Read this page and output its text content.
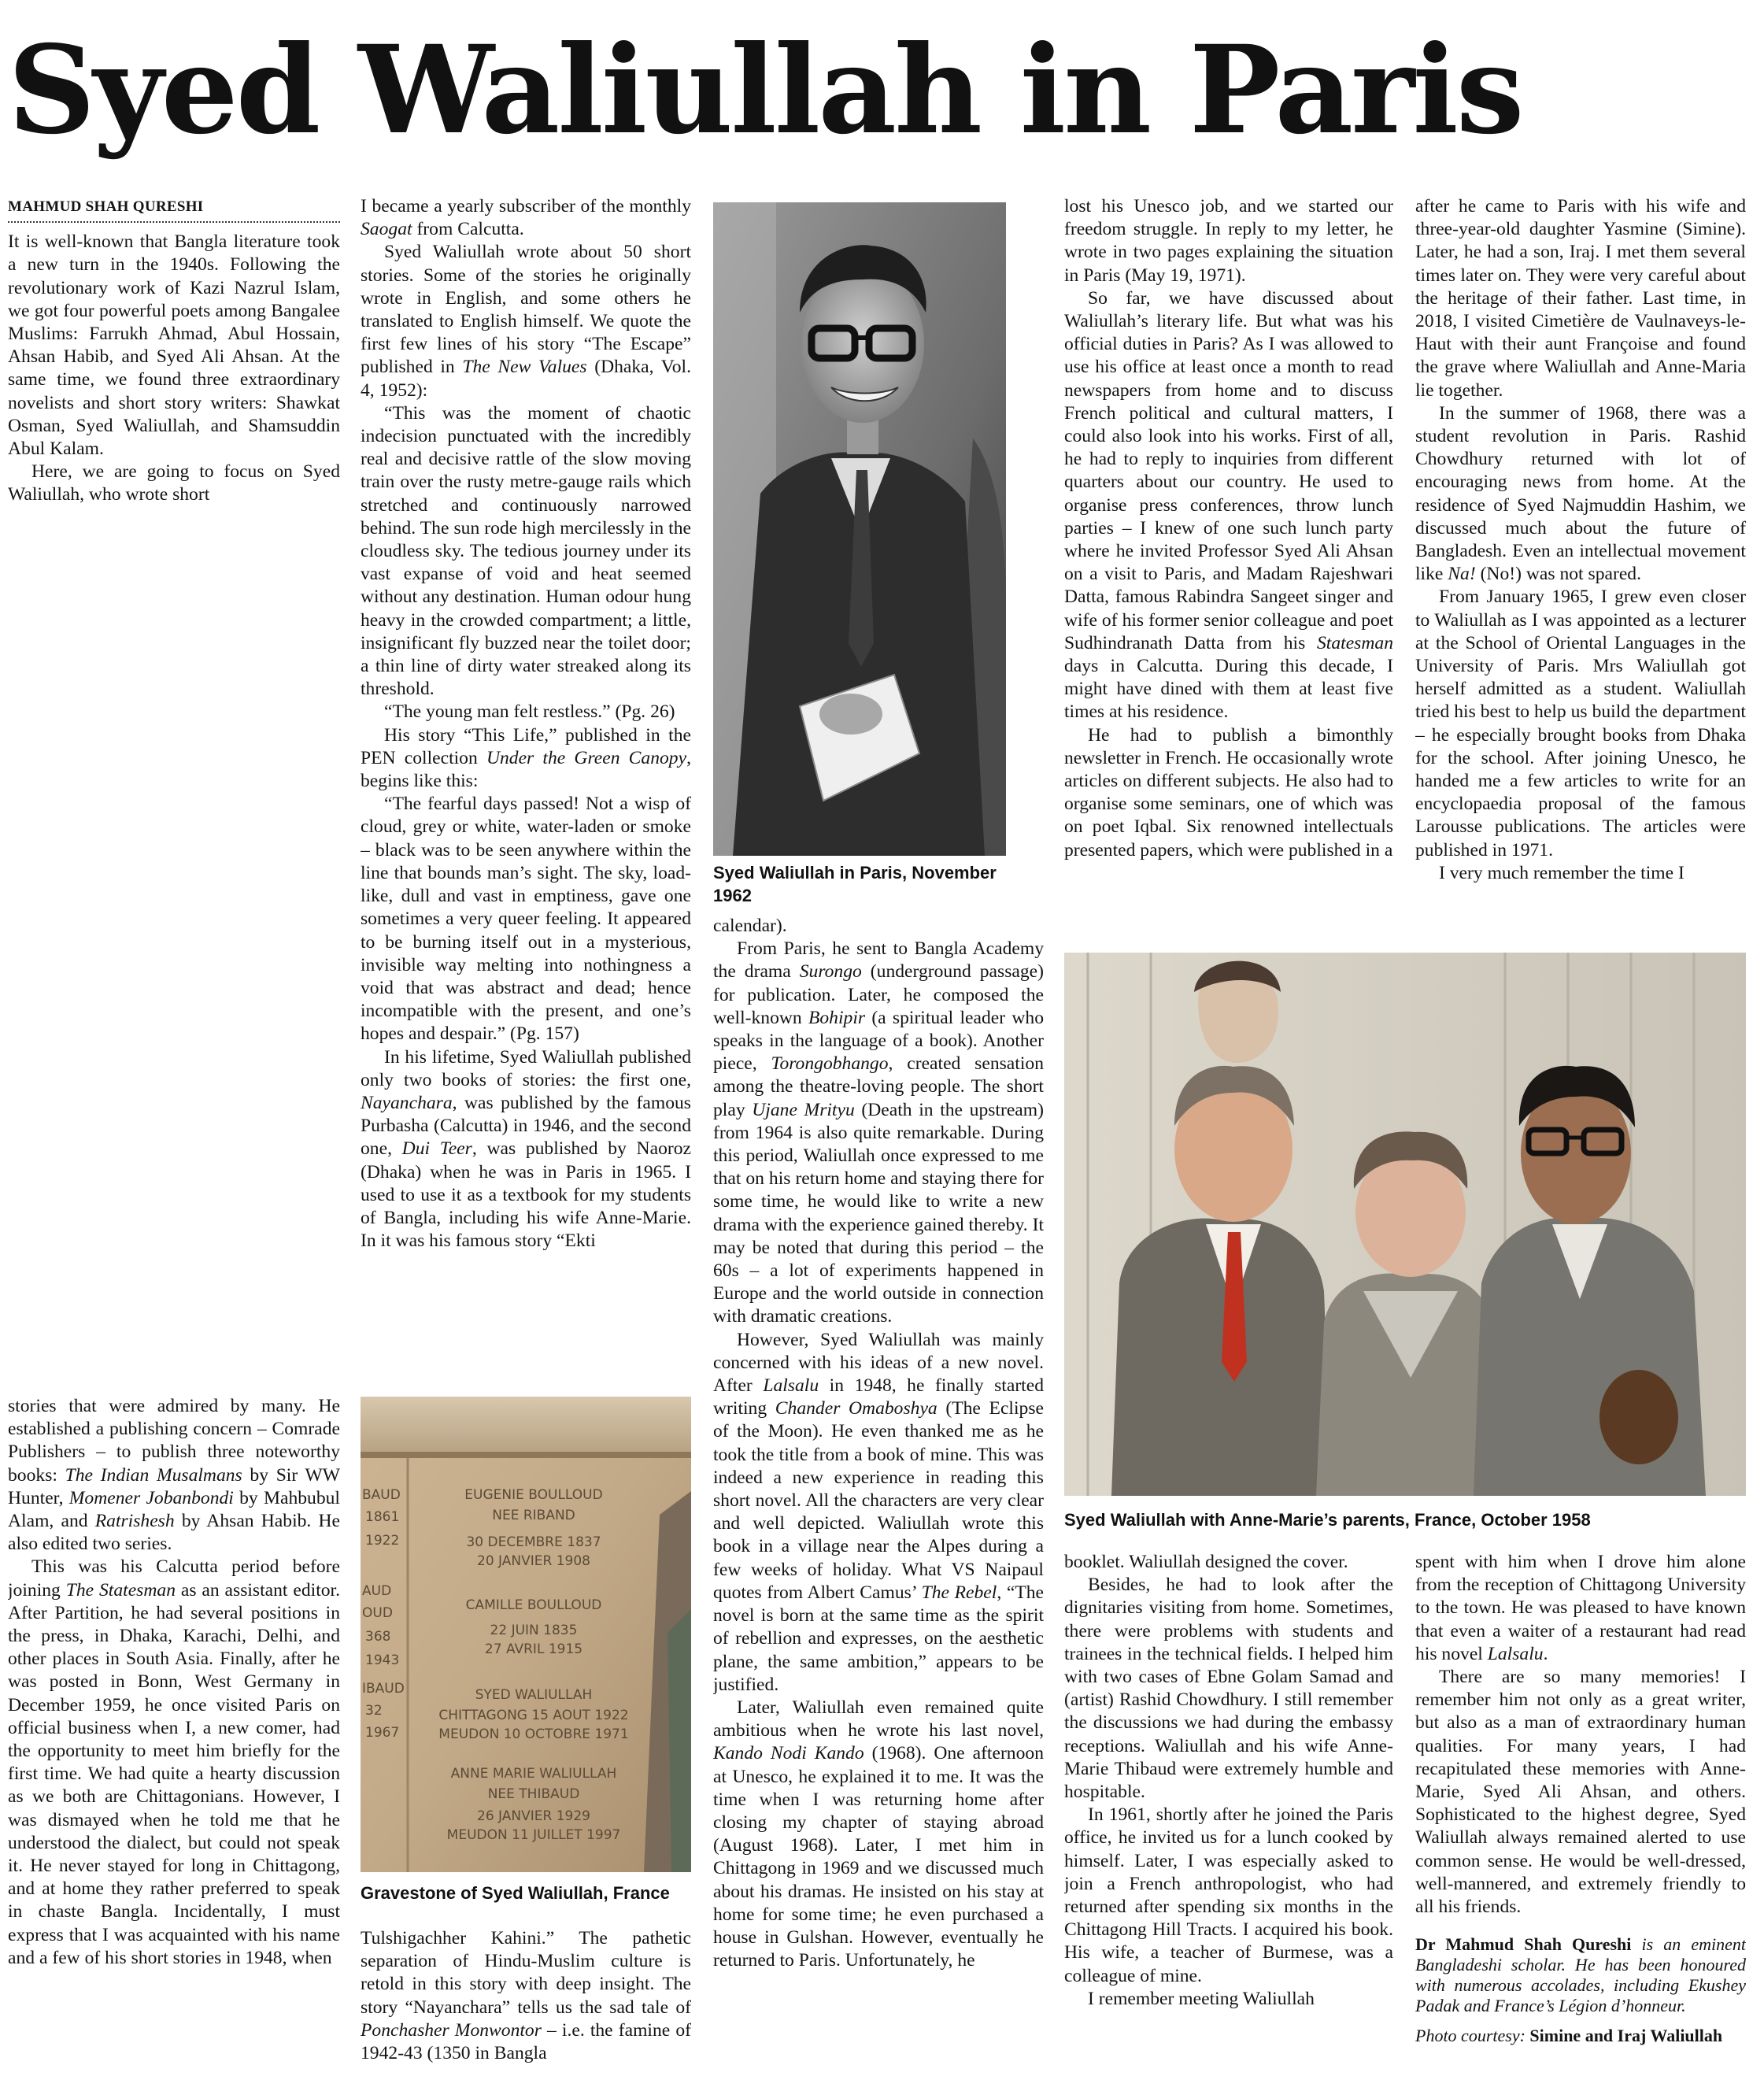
Syed Waliullah in Paris
MAHMUD SHAH QURESHI

It is well-known that Bangla literature took a new turn in the 1940s. Following the revolutionary work of Kazi Nazrul Islam, we got four powerful poets among Bangalee Muslims: Farrukh Ahmad, Abul Hossain, Ahsan Habib, and Syed Ali Ahsan. At the same time, we found three extraordinary novelists and short story writers: Shawkat Osman, Syed Waliullah, and Shamsuddin Abul Kalam.

Here, we are going to focus on Syed Waliullah, who wrote short

stories that were admired by many. He established a publishing concern – Comrade Publishers – to publish three noteworthy books: The Indian Musalmans by Sir WW Hunter, Momener Jobanbondi by Mahbubul Alam, and Ratrishesh by Ahsan Habib. He also edited two series.

This was his Calcutta period before joining The Statesman as an assistant editor. After Partition, he had several positions in the press, in Dhaka, Karachi, Delhi, and other places in South Asia. Finally, after he was posted in Bonn, West Germany in December 1959, he once visited Paris on official business when I, a new comer, had the opportunity to meet him briefly for the first time. We had quite a hearty discussion as we both are Chittagonians. However, I was dismayed when he told me that he understood the dialect, but could not speak it. He never stayed for long in Chittagong, and at home they rather preferred to speak in chaste Bangla. Incidentally, I must express that I was acquainted with his name and a few of his short stories in 1948, when

I became a yearly subscriber of the monthly Saogat from Calcutta.

Syed Waliullah wrote about 50 short stories. Some of the stories he originally wrote in English, and some others he translated to English himself. We quote the first few lines of his story “The Escape” published in The New Values (Dhaka, Vol. 4, 1952):

“This was the moment of chaotic indecision punctuated with the incredibly real and decisive rattle of the slow moving train over the rusty metre-gauge rails which stretched and continuously narrowed behind. The sun rode high mercilessly in the cloudless sky. The tedious journey under its vast expanse of void and heat seemed without any destination. Human odour hung heavy in the crowded compartment; a little, insignificant fly buzzed near the toilet door; a thin line of dirty water streaked along its threshold.

“The young man felt restless.” (Pg. 26)

His story “This Life,” published in the PEN collection Under the Green Canopy, begins like this:

“The fearful days passed! Not a wisp of cloud, grey or white, water-laden or smoke – black was to be seen anywhere within the line that bounds man’s sight. The sky, load-like, dull and vast in emptiness, gave one sometimes a very queer feeling. It appeared to be burning itself out in a mysterious, invisible way melting into nothingness a void that was abstract and dead; hence incompatible with the present, and one’s hopes and despair.” (Pg. 157)

In his lifetime, Syed Waliullah published only two books of stories: the first one, Nayanchara, was published by the famous Purbasha (Calcutta) in 1946, and the second one, Dui Teer, was published by Naoroz (Dhaka) when he was in Paris in 1965. I used to use it as a textbook for my students of Bangla, including his wife Anne-Marie. In it was his famous story “Ekti

EUGENIE BOULLOUD
NEE RIBAND
30 DECEMBRE 1837
20 JANVIER 1908
CAMILLE BOULLOUD
22 JUIN 1835
27 AVRIL 1915
SYED WALIULLAH
CHITTAGONG 15 AOUT 1922
MEUDON 10 OCTOBRE 1971
ANNE MARIE WALIULLAH
NEE THIBAUD
26 JANVIER 1929
MEUDON 11 JUILLET 1997
BAUD
1861
1922
AUD
OUD
368
1943
IBAUD
32
1967
Gravestone of Syed Waliullah, France

Tulshigachher Kahini.” The pathetic separation of Hindu-Muslim culture is retold in this story with deep insight. The story “Nayanchara” tells us the sad tale of Ponchasher Monwontor – i.e. the famine of 1942-43 (1350 in Bangla

Syed Waliullah in Paris, November 1962

calendar).

From Paris, he sent to Bangla Academy the drama Surongo (underground passage) for publication. Later, he composed the well-known Bohipir (a spiritual leader who speaks in the language of a book). Another piece, Torongobhango, created sensation among the theatre-loving people. The short play Ujane Mrityu (Death in the upstream) from 1964 is also quite remarkable. During this period, Waliullah once expressed to me that on his return home and staying there for some time, he would like to write a new drama with the experience gained thereby. It may be noted that during this period – the 60s – a lot of experiments happened in Europe and the world outside in connection with dramatic creations.

However, Syed Waliullah was mainly concerned with his ideas of a new novel. After Lalsalu in 1948, he finally started writing Chander Omaboshya (The Eclipse of the Moon). He even thanked me as he took the title from a book of mine. This was indeed a new experience in reading this short novel. All the characters are very clear and well depicted. Waliullah wrote this book in a village near the Alpes during a few weeks of holiday. What VS Naipaul quotes from Albert Camus’ The Rebel, “The novel is born at the same time as the spirit of rebellion and expresses, on the aesthetic plane, the same ambition,” appears to be justified.

Later, Waliullah even remained quite ambitious when he wrote his last novel, Kando Nodi Kando (1968). One afternoon at Unesco, he explained it to me. It was the time when I was returning home after closing my chapter of staying abroad (August 1968). Later, I met him in Chittagong in 1969 and we discussed much about his dramas. He insisted on his stay at home for some time; he even purchased a house in Gulshan. However, eventually he returned to Paris. Unfortunately, he

lost his Unesco job, and we started our freedom struggle. In reply to my letter, he wrote in two pages explaining the situation in Paris (May 19, 1971).

So far, we have discussed about Waliullah’s literary life. But what was his official duties in Paris? As I was allowed to use his office at least once a month to read newspapers from home and to discuss French political and cultural matters, I could also look into his works. First of all, he had to reply to inquiries from different quarters about our country. He used to organise press conferences, throw lunch parties – I knew of one such lunch party where he invited Professor Syed Ali Ahsan on a visit to Paris, and Madam Rajeshwari Datta, famous Rabindra Sangeet singer and wife of his former senior colleague and poet Sudhindranath Datta from his Statesman days in Calcutta. During this decade, I might have dined with them at least five times at his residence.

He had to publish a bimonthly newsletter in French. He occasionally wrote articles on different subjects. He also had to organise some seminars, one of which was on poet Iqbal. Six renowned intellectuals presented papers, which were published in a

after he came to Paris with his wife and three-year-old daughter Yasmine (Simine). Later, he had a son, Iraj. I met them several times later on. They were very careful about the heritage of their father. Last time, in 2018, I visited Cimetière de Vaulnaveys-le-Haut with their aunt Françoise and found the grave where Waliullah and Anne-Maria lie together.

In the summer of 1968, there was a student revolution in Paris. Rashid Chowdhury returned with lot of encouraging news from home. At the residence of Syed Najmuddin Hashim, we discussed much about the future of Bangladesh. Even an intellectual movement like Na! (No!) was not spared.

From January 1965, I grew even closer to Waliullah as I was appointed as a lecturer at the School of Oriental Languages in the University of Paris. Mrs Waliullah got herself admitted as a student. Waliullah tried his best to help us build the department – he especially brought books from Dhaka for the school. After joining Unesco, he handed me a few articles to write for an encyclopaedia proposal of the famous Larousse publications. The articles were published in 1971.

I very much remember the time I

Syed Waliullah with Anne-Marie’s parents, France, October 1958

booklet. Waliullah designed the cover.

Besides, he had to look after the dignitaries visiting from home. Sometimes, there were problems with students and trainees in the technical fields. I helped him with two cases of Ebne Golam Samad and (artist) Rashid Chowdhury. I still remember the discussions we had during the embassy receptions. Waliullah and his wife Anne-Marie Thibaud were extremely humble and hospitable.

In 1961, shortly after he joined the Paris office, he invited us for a lunch cooked by himself. Later, I was especially asked to join a French anthropologist, who had returned after spending six months in the Chittagong Hill Tracts. I acquired his book. His wife, a teacher of Burmese, was a colleague of mine.

I remember meeting Waliullah

spent with him when I drove him alone from the reception of Chittagong University to the town. He was pleased to have known that even a waiter of a restaurant had read his novel Lalsalu.

There are so many memories! I remember him not only as a great writer, but also as a man of extraordinary human qualities. For many years, I had recapitulated these memories with Anne-Marie, Syed Ali Ahsan, and others. Sophisticated to the highest degree, Syed Waliullah always remained alerted to use common sense. He would be well-dressed, well-mannered, and extremely friendly to all his friends.

Dr Mahmud Shah Qureshi is an eminent Bangladeshi scholar. He has been honoured with numerous accolades, including Ekushey Padak and France’s Légion d’honneur.

Photo courtesy: Simine and Iraj Waliullah
